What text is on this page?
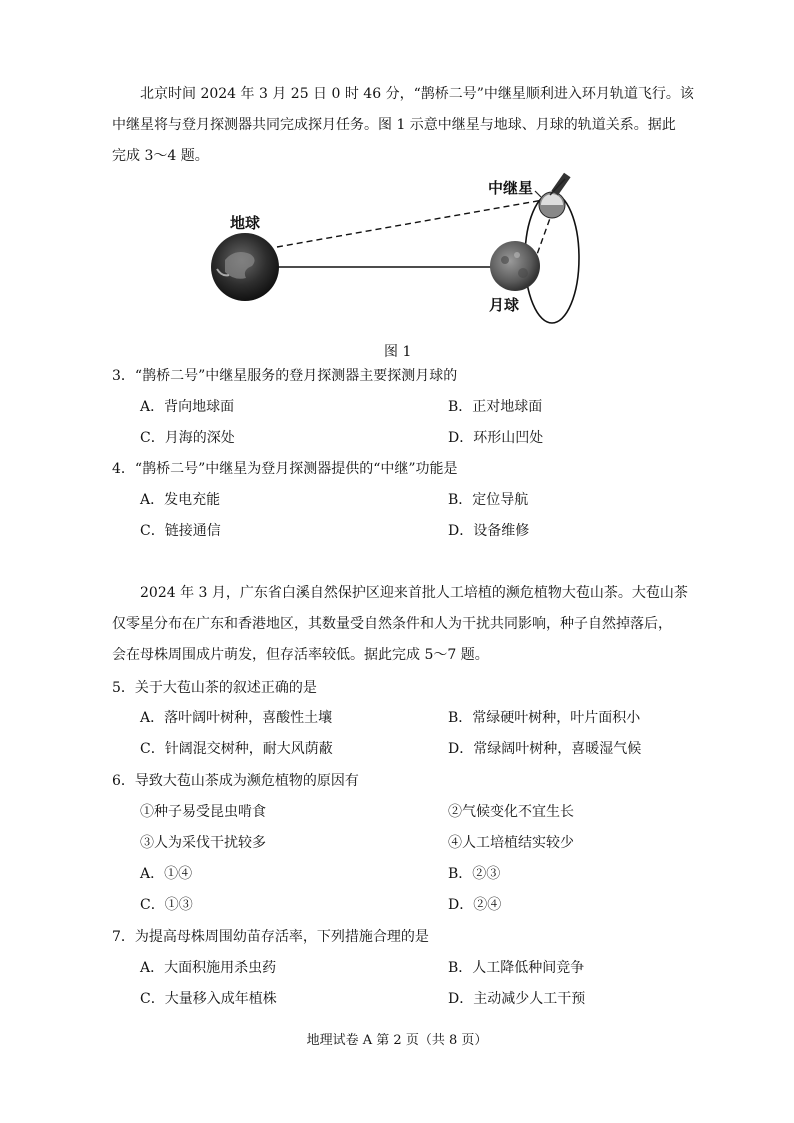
北京时间 2024 年 3 月 25 日 0 时 46 分，“鹊桥二号”中继星顺利进入环月轨道飞行。该
中继星将与登月探测器共同完成探月任务。图 1 示意中继星与地球、月球的轨道关系。据此
完成 3～4 题。
中继星
地球
月球
图 1
3．“鹊桥二号”中继星服务的登月探测器主要探测月球的
A．背向地球面	B．正对地球面
C．月海的深处	D．环形山凹处
4．“鹊桥二号”中继星为登月探测器提供的“中继”功能是
A．发电充能	B．定位导航
C．链接通信	D．设备维修
2024 年 3 月，广东省白溪自然保护区迎来首批人工培植的濒危植物大苞山茶。大苞山茶
仅零星分布在广东和香港地区，其数量受自然条件和人为干扰共同影响，种子自然掉落后，
会在母株周围成片萌发，但存活率较低。据此完成 5～7 题。
5．关于大苞山茶的叙述正确的是
A．落叶阔叶树种，喜酸性土壤	B．常绿硬叶树种，叶片面积小
C．针阔混交树种，耐大风荫蔽	D．常绿阔叶树种，喜暖湿气候
6．导致大苞山茶成为濒危植物的原因有
①种子易受昆虫啃食	②气候变化不宜生长
③人为采伐干扰较多	④人工培植结实较少
A．①④	B．②③
C．①③	D．②④
7．为提高母株周围幼苗存活率，下列措施合理的是
A．大面积施用杀虫药	B．人工降低种间竞争
C．大量移入成年植株	D．主动减少人工干预
地理试卷 A 第 2 页（共 8 页）
